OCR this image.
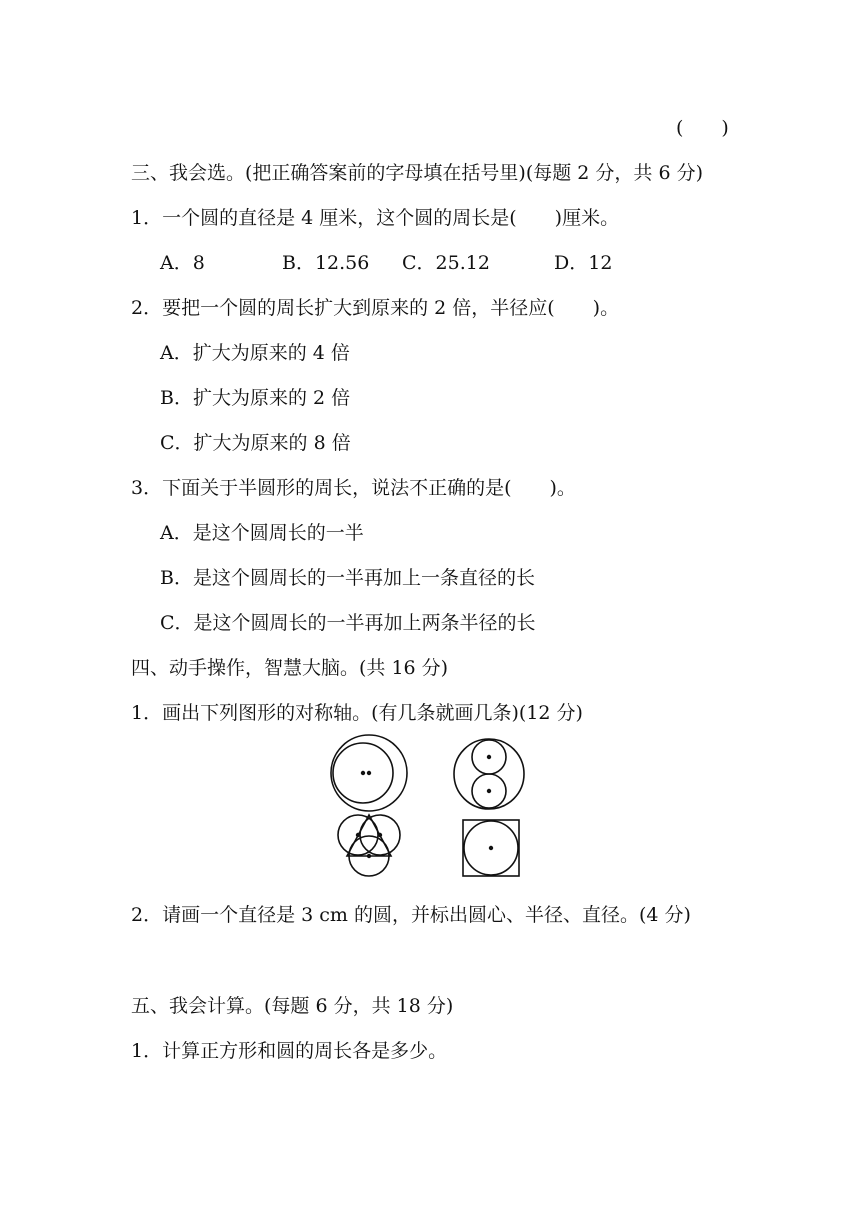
(　　)
三、我会选。(把正确答案前的字母填在括号里)(每题 2 分，共 6 分)
1．一个圆的直径是 4 厘米，这个圆的周长是(　　)厘米。
A．8	B．12.56 C．25.12	D．12
2．要把一个圆的周长扩大到原来的 2 倍，半径应(　　)。
A．扩大为原来的 4 倍
B．扩大为原来的 2 倍
C．扩大为原来的 8 倍
3．下面关于半圆形的周长，说法不正确的是(　　)。
A．是这个圆周长的一半
B．是这个圆周长的一半再加上一条直径的长
C．是这个圆周长的一半再加上两条半径的长
四、动手操作，智慧大脑。(共 16 分)
1．画出下列图形的对称轴。(有几条就画几条)(12 分)
2．请画一个直径是 3 cm 的圆，并标出圆心、半径、直径。(4 分)
五、我会计算。(每题 6 分，共 18 分)
1．计算正方形和圆的周长各是多少。
